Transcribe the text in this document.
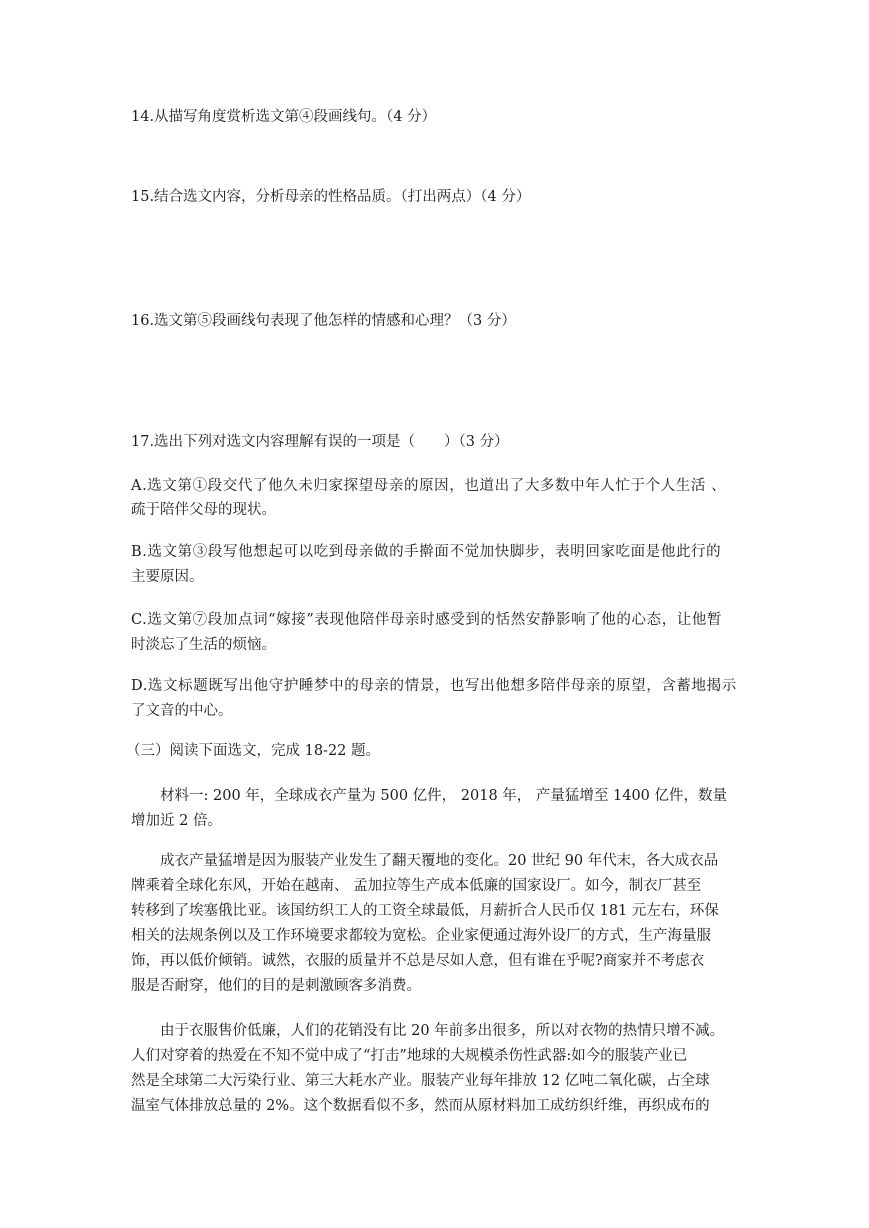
14.从描写角度赏析选文第④段画线句。（4 分）
15.结合选文内容，分析母亲的性格品质。（打出两点）（4 分）
16.选文第⑤段画线句表现了他怎样的情感和心理？（3 分）
17.选出下列对选文内容理解有误的一项是（　　）（3 分）
A.选文第①段交代了他久未归家探望母亲的原因，也道出了大多数中年人忙于个人生活 、
疏于陪伴父母的现状。
B.选文第③段写他想起可以吃到母亲做的手擀面不觉加快脚步，表明回家吃面是他此行的
主要原因。
C.选文第⑦段加点词“嫁接”表现他陪伴母亲时感受到的恬然安静影响了他的心态，让他暂
时淡忘了生活的烦恼。
D.选文标题既写出他守护睡梦中的母亲的情景，也写出他想多陪伴母亲的原望，含蓄地揭示
了文音的中心。
（三）阅读下面选文，完成 18-22 题。
材料一: 200 年，全球成衣产量为 500 亿件， 2018 年， 产量猛增至 1400 亿件，数量
增加近 2 倍。
成衣产量猛增是因为服装产业发生了翻天覆地的变化。20 世纪 90 年代末，各大成衣品
牌乘着全球化东风，开始在越南、 孟加拉等生产成本低廉的国家设厂。如今，制衣厂甚至
转移到了埃塞俄比亚。该国纺织工人的工资全球最低，月薪折合人民币仅 181 元左右，环保
相关的法规条例以及工作环境要求都较为宽松。企业家便通过海外设厂的方式，生产海量服
饰，再以低价倾销。诚然，衣服的质量并不总是尽如人意，但有谁在乎呢?商家并不考虑衣
服是否耐穿，他们的目的是刺激顾客多消费。
由于衣服售价低廉，人们的花销没有比 20 年前多出很多，所以对衣物的热情只增不减。
人们对穿着的热爱在不知不觉中成了“打击”地球的大规模杀伤性武器:如今的服装产业已
然是全球第二大污染行业、第三大耗水产业。服装产业每年排放 12 亿吨二氧化碳，占全球
温室气体排放总量的 2%。这个数据看似不多，然而从原材料加工成纺织纤维，再织成布的
